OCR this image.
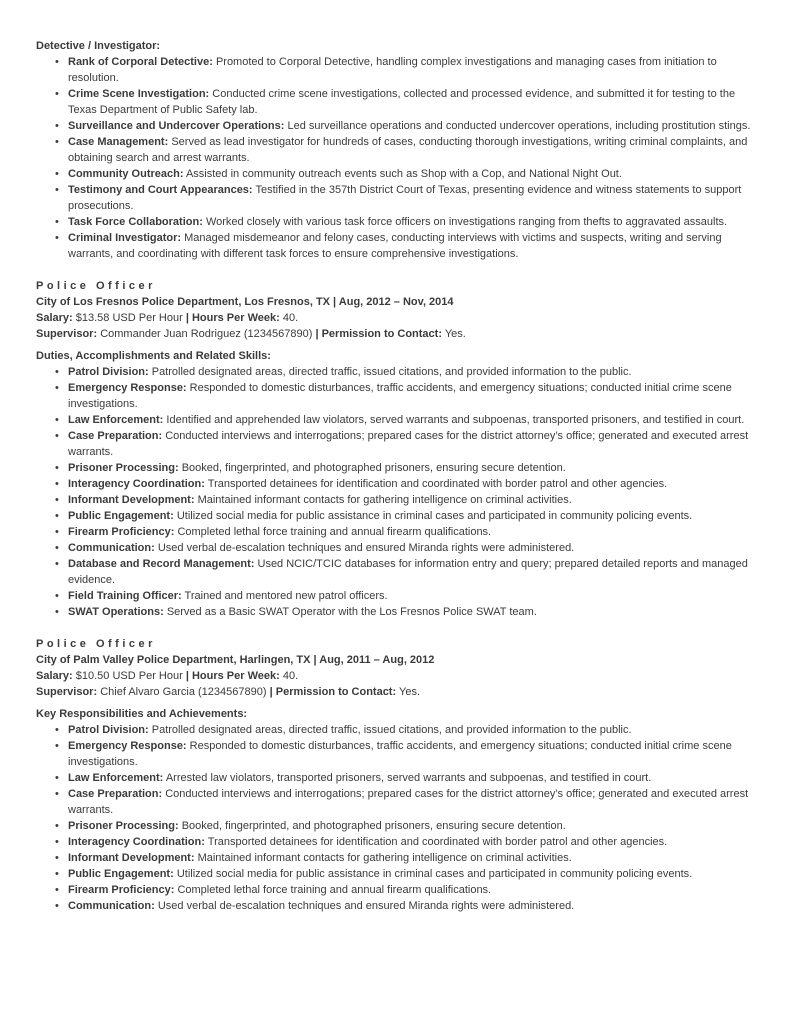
Detective / Investigator:
• Rank of Corporal Detective: Promoted to Corporal Detective, handling complex investigations and managing cases from initiation to resolution.
• Crime Scene Investigation: Conducted crime scene investigations, collected and processed evidence, and submitted it for testing to the Texas Department of Public Safety lab.
• Surveillance and Undercover Operations: Led surveillance operations and conducted undercover operations, including prostitution stings.
• Case Management: Served as lead investigator for hundreds of cases, conducting thorough investigations, writing criminal complaints, and obtaining search and arrest warrants.
• Community Outreach: Assisted in community outreach events such as Shop with a Cop, and National Night Out.
• Testimony and Court Appearances: Testified in the 357th District Court of Texas, presenting evidence and witness statements to support prosecutions.
• Task Force Collaboration: Worked closely with various task force officers on investigations ranging from thefts to aggravated assaults.
• Criminal Investigator: Managed misdemeanor and felony cases, conducting interviews with victims and suspects, writing and serving warrants, and coordinating with different task forces to ensure comprehensive investigations.
Police Officer

City of Los Fresnos Police Department, Los Fresnos, TX | Aug, 2012 – Nov, 2014

Salary: $13.58 USD Per Hour | Hours Per Week: 40.

Supervisor: Commander Juan Rodriguez (1234567890) | Permission to Contact: Yes.

Duties, Accomplishments and Related Skills:

• Patrol Division: Patrolled designated areas, directed traffic, issued citations, and provided information to the public.
• Emergency Response: Responded to domestic disturbances, traffic accidents, and emergency situations; conducted initial crime scene investigations.
• Law Enforcement: Identified and apprehended law violators, served warrants and subpoenas, transported prisoners, and testified in court.
• Case Preparation: Conducted interviews and interrogations; prepared cases for the district attorney’s office; generated and executed arrest warrants.
• Prisoner Processing: Booked, fingerprinted, and photographed prisoners, ensuring secure detention.
• Interagency Coordination: Transported detainees for identification and coordinated with border patrol and other agencies.
• Informant Development: Maintained informant contacts for gathering intelligence on criminal activities.
• Public Engagement: Utilized social media for public assistance in criminal cases and participated in community policing events.
• Firearm Proficiency: Completed lethal force training and annual firearm qualifications.
• Communication: Used verbal de-escalation techniques and ensured Miranda rights were administered.
• Database and Record Management: Used NCIC/TCIC databases for information entry and query; prepared detailed reports and managed evidence.
• Field Training Officer: Trained and mentored new patrol officers.
• SWAT Operations: Served as a Basic SWAT Operator with the Los Fresnos Police SWAT team.
Police Officer

City of Palm Valley Police Department, Harlingen, TX | Aug, 2011 – Aug, 2012

Salary: $10.50 USD Per Hour | Hours Per Week: 40.

Supervisor: Chief Alvaro Garcia (1234567890) | Permission to Contact: Yes.

Key Responsibilities and Achievements:

• Patrol Division: Patrolled designated areas, directed traffic, issued citations, and provided information to the public.
• Emergency Response: Responded to domestic disturbances, traffic accidents, and emergency situations; conducted initial crime scene investigations.
• Law Enforcement: Arrested law violators, transported prisoners, served warrants and subpoenas, and testified in court.
• Case Preparation: Conducted interviews and interrogations; prepared cases for the district attorney’s office; generated and executed arrest warrants.
• Prisoner Processing: Booked, fingerprinted, and photographed prisoners, ensuring secure detention.
• Interagency Coordination: Transported detainees for identification and coordinated with border patrol and other agencies.
• Informant Development: Maintained informant contacts for gathering intelligence on criminal activities.
• Public Engagement: Utilized social media for public assistance in criminal cases and participated in community policing events.
• Firearm Proficiency: Completed lethal force training and annual firearm qualifications.
• Communication: Used verbal de-escalation techniques and ensured Miranda rights were administered.
